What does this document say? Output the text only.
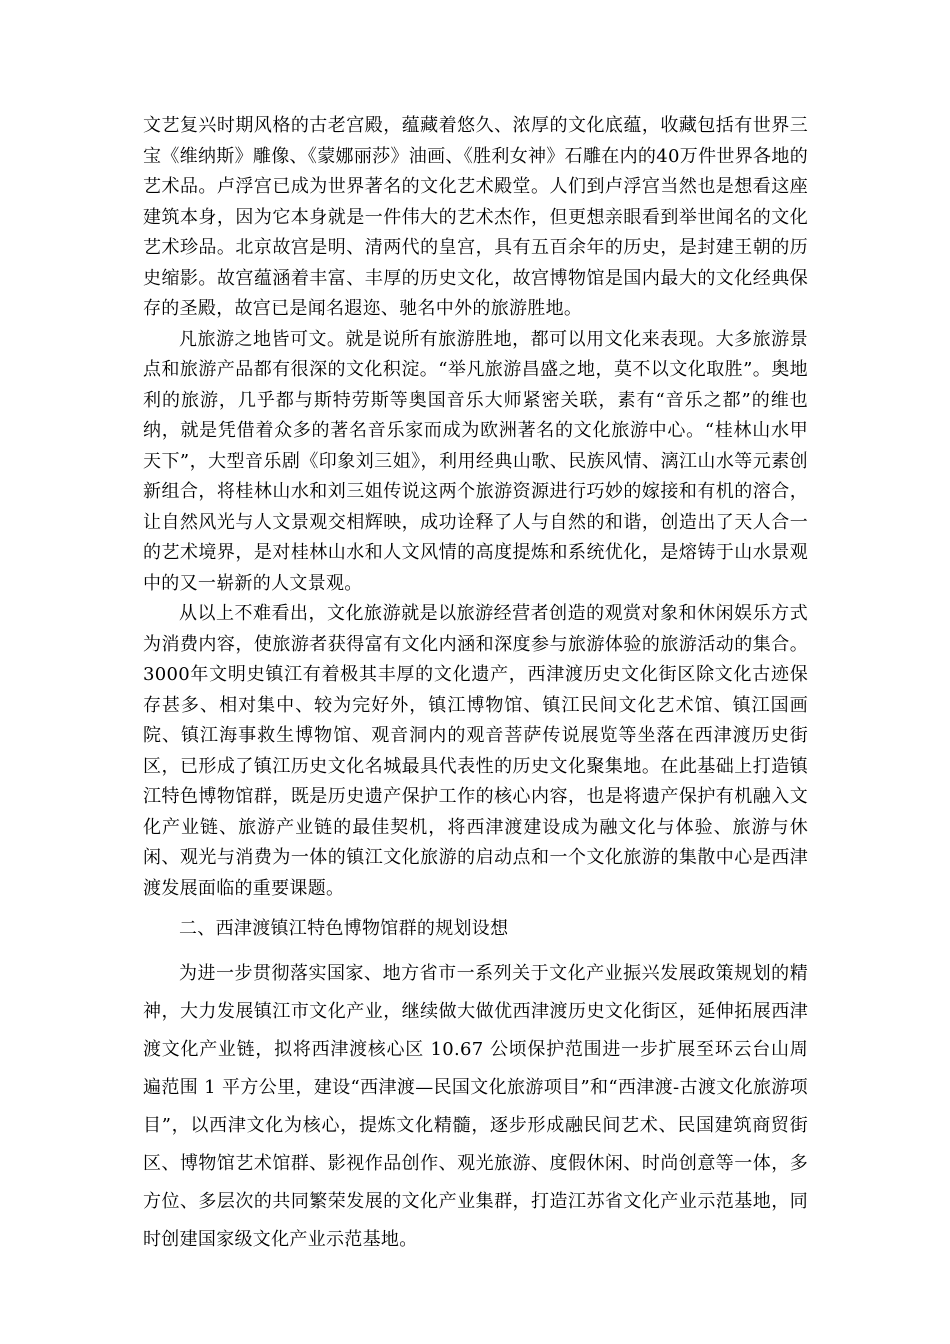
文艺复兴时期风格的古老宫殿，蕴藏着悠久、浓厚的文化底蕴，收藏包括有世界三宝《维纳斯》雕像、《蒙娜丽莎》油画、《胜利女神》石雕在内的40万件世界各地的艺术品。卢浮宫已成为世界著名的文化艺术殿堂。人们到卢浮宫当然也是想看这座建筑本身，因为它本身就是一件伟大的艺术杰作，但更想亲眼看到举世闻名的文化艺术珍品。北京故宫是明、清两代的皇宫，具有五百余年的历史，是封建王朝的历史缩影。故宫蕴涵着丰富、丰厚的历史文化，故宫博物馆是国内最大的文化经典保存的圣殿，故宫已是闻名遐迩、驰名中外的旅游胜地。

凡旅游之地皆可文。就是说所有旅游胜地，都可以用文化来表现。大多旅游景点和旅游产品都有很深的文化积淀。“举凡旅游昌盛之地，莫不以文化取胜”。奥地利的旅游，几乎都与斯特劳斯等奥国音乐大师紧密关联，素有“音乐之都”的维也纳，就是凭借着众多的著名音乐家而成为欧洲著名的文化旅游中心。“桂林山水甲天下”，大型音乐剧《印象刘三姐》，利用经典山歌、民族风情、漓江山水等元素创新组合，将桂林山水和刘三姐传说这两个旅游资源进行巧妙的嫁接和有机的溶合，让自然风光与人文景观交相辉映，成功诠释了人与自然的和谐，创造出了天人合一的艺术境界，是对桂林山水和人文风情的高度提炼和系统优化，是熔铸于山水景观中的又一崭新的人文景观。

从以上不难看出，文化旅游就是以旅游经营者创造的观赏对象和休闲娱乐方式为消费内容，使旅游者获得富有文化内涵和深度参与旅游体验的旅游活动的集合。3000年文明史镇江有着极其丰厚的文化遗产，西津渡历史文化街区除文化古迹保存甚多、相对集中、较为完好外，镇江博物馆、镇江民间文化艺术馆、镇江国画院、镇江海事救生博物馆、观音洞内的观音菩萨传说展览等坐落在西津渡历史街区，已形成了镇江历史文化名城最具代表性的历史文化聚集地。在此基础上打造镇江特色博物馆群，既是历史遗产保护工作的核心内容，也是将遗产保护有机融入文化产业链、旅游产业链的最佳契机，将西津渡建设成为融文化与体验、旅游与休闲、观光与消费为一体的镇江文化旅游的启动点和一个文化旅游的集散中心是西津渡发展面临的重要课题。

二、西津渡镇江特色博物馆群的规划设想

为进一步贯彻落实国家、地方省市一系列关于文化产业振兴发展政策规划的精神，大力发展镇江市文化产业，继续做大做优西津渡历史文化街区，延伸拓展西津渡文化产业链，拟将西津渡核心区 10.67 公顷保护范围进一步扩展至环云台山周遍范围 1 平方公里，建设“西津渡—民国文化旅游项目”和“西津渡-古渡文化旅游项目”，以西津文化为核心，提炼文化精髓，逐步形成融民间艺术、民国建筑商贸街区、博物馆艺术馆群、影视作品创作、观光旅游、度假休闲、时尚创意等一体，多方位、多层次的共同繁荣发展的文化产业集群，打造江苏省文化产业示范基地，同时创建国家级文化产业示范基地。
